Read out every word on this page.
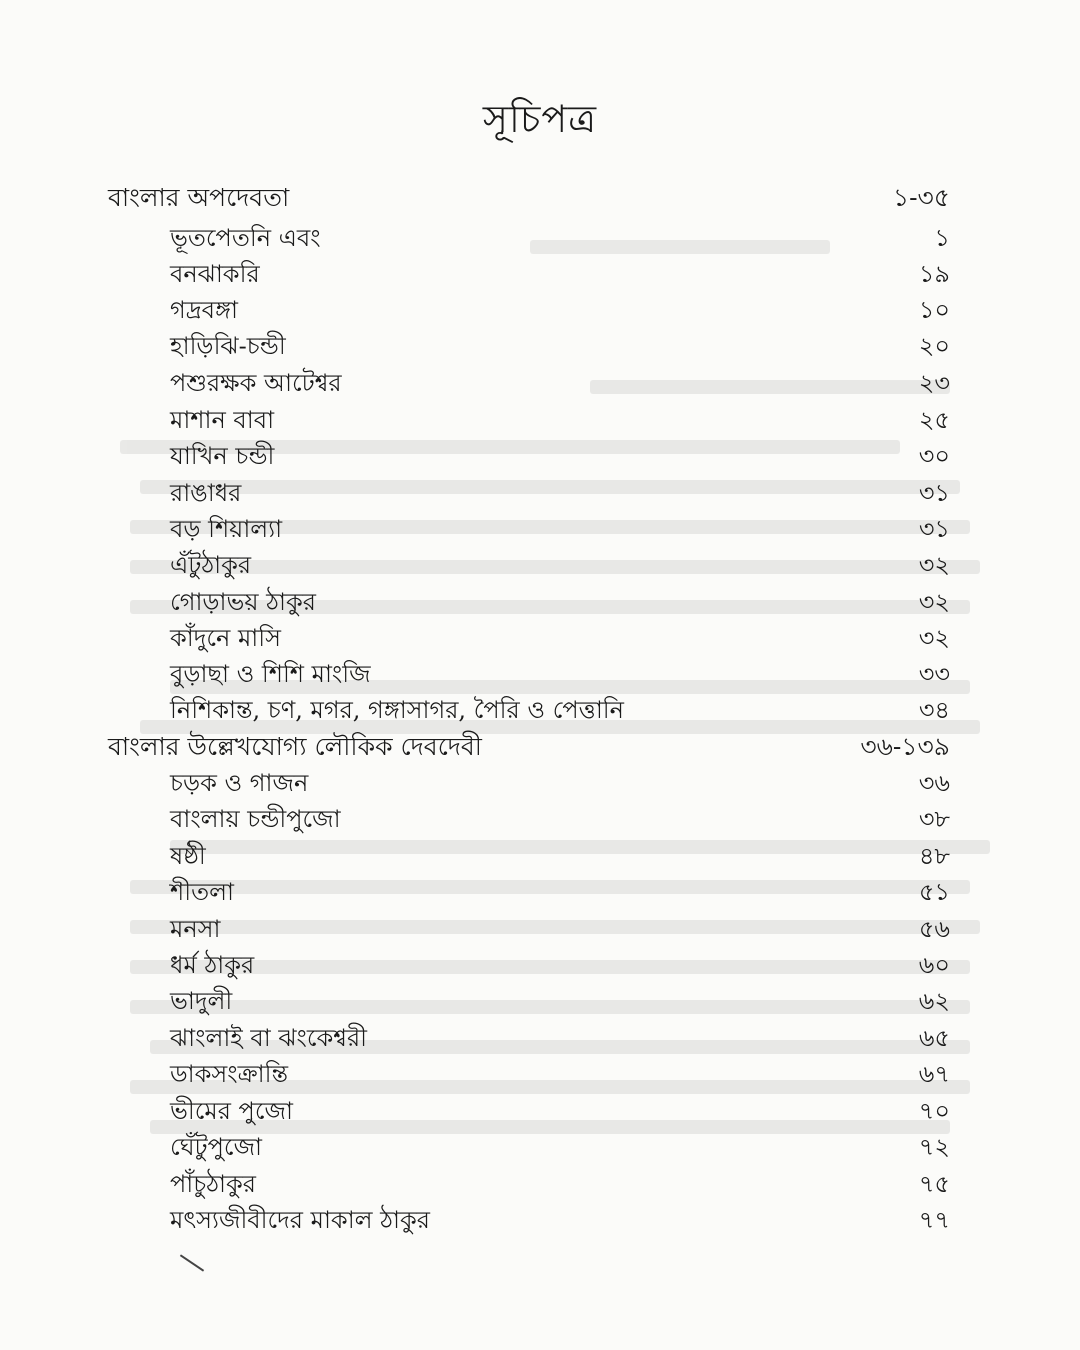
সূচিপত্র
বাংলার অপদেবতা	১-৩৫
ভূতপেতনি এবং	১
বনঝাকরি	১৯
গদ্রবঙ্গা	১০
হাড়িঝি-চন্ডী	২০
পশুরক্ষক আটেশ্বর	২৩
মাশান বাবা	২৫
যাখিন চন্ডী	৩০
রাঙাধর	৩১
বড় শিয়াল্যা	৩১
এঁটুঠাকুর	৩২
গোড়াভয় ঠাকুর	৩২
কাঁদুনে মাসি	৩২
বুড়াছা ও শিশি মাংজি	৩৩
নিশিকান্ত, চণ, মগর, গঙ্গাসাগর, পৈরি ও পেত্তানি	৩৪
বাংলার উল্লেখযোগ্য লৌকিক দেবদেবী	৩৬-১৩৯
চড়ক ও গাজন	৩৬
বাংলায় চন্ডীপুজো	৩৮
ষষ্ঠী	৪৮
শীতলা	৫১
মনসা	৫৬
ধর্ম ঠাকুর	৬০
ভাদুলী	৬২
ঝাংলাই বা ঝংকেশ্বরী	৬৫
ডাকসংক্রান্তি	৬৭
ভীমের পুজো	৭০
ঘেঁটুপুজো	৭২
পাঁচুঠাকুর	৭৫
মৎস্যজীবীদের মাকাল ঠাকুর	৭৭
